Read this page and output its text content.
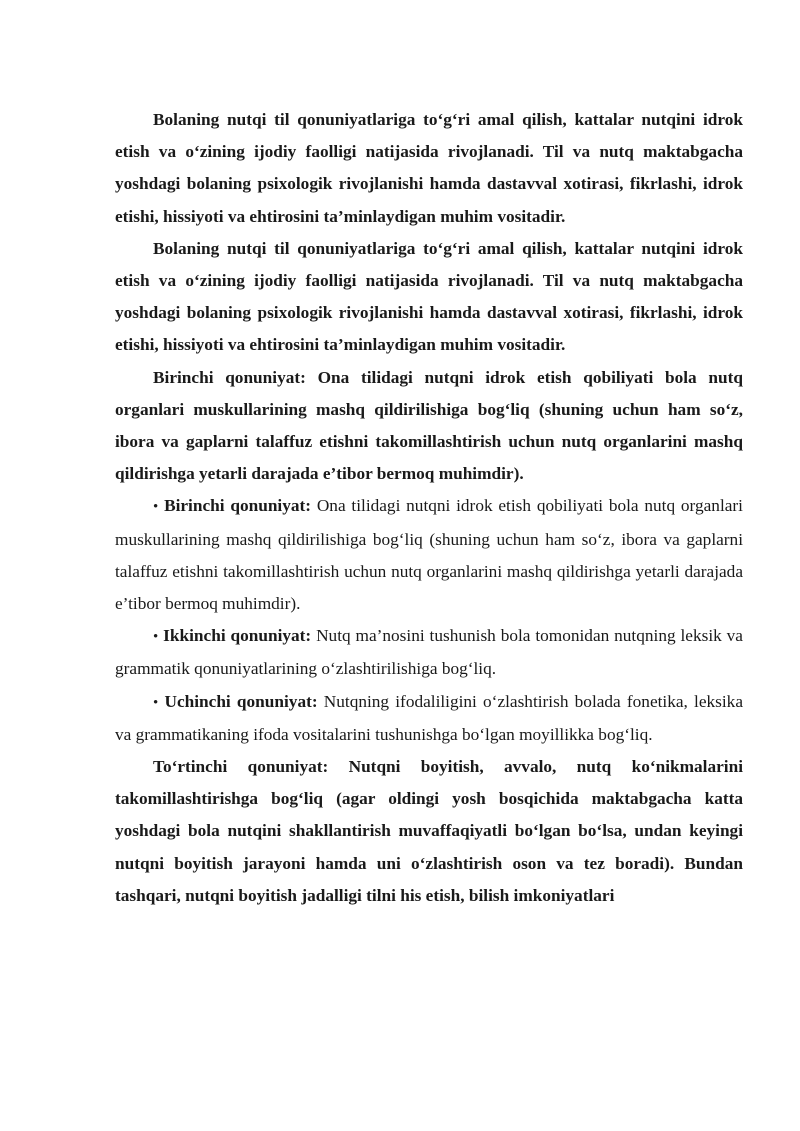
Bolaning nutqi til qonuniyatlariga to‘g‘ri amal qilish, kattalar nutqini idrok etish va o‘zining ijodiy faolligi natijasida rivojlanadi. Til va nutq maktabgacha yoshdagi bolaning psixologik rivojlanishi hamda dastavval xotirasi, fikrlashi, idrok etishi, hissiyoti va ehtirosini ta’minlaydigan muhim vositadir.

Bolaning nutqi til qonuniyatlariga to‘g‘ri amal qilish, kattalar nutqini idrok etish va o‘zining ijodiy faolligi natijasida rivojlanadi. Til va nutq maktabgacha yoshdagi bolaning psixologik rivojlanishi hamda dastavval xotirasi, fikrlashi, idrok etishi, hissiyoti va ehtirosini ta’minlaydigan muhim vositadir.

Birinchi qonuniyat: Ona tilidagi nutqni idrok etish qobiliyati bola nutq organlari muskullarining mashq qildirilishiga bog‘liq (shuning uchun ham so‘z, ibora va gaplarni talaffuz etishni takomillashtirish uchun nutq organlarini mashq qildirishga yetarli darajada e’tibor bermoq muhimdir).

• Birinchi qonuniyat: Ona tilidagi nutqni idrok etish qobiliyati bola nutq organlari muskullarining mashq qildirilishiga bog‘liq (shuning uchun ham so‘z, ibora va gaplarni talaffuz etishni takomillashtirish uchun nutq organlarini mashq qildirishga yetarli darajada e’tibor bermoq muhimdir).

• Ikkinchi qonuniyat: Nutq ma’nosini tushunish bola tomonidan nutqning leksik va grammatik qonuniyatlarining o‘zlashtirilishiga bog‘liq.

• Uchinchi qonuniyat: Nutqning ifodaliligini o‘zlashtirish bolada fonetika, leksika va grammatikaning ifoda vositalarini tushunishga bo‘lgan moyillikka bog‘liq.

To‘rtinchi qonuniyat: Nutqni boyitish, avvalo, nutq ko‘nikmalarini takomillashtirishga bog‘liq (agar oldingi yosh bosqichida maktabgacha katta yoshdagi bola nutqini shakllantirish muvaffaqiyatli bo‘lgan bo‘lsa, undan keyingi nutqni boyitish jarayoni hamda uni o‘zlashtirish oson va tez boradi). Bundan tashqari, nutqni boyitish jadalligi tilni his etish, bilish imkoniyatlari
